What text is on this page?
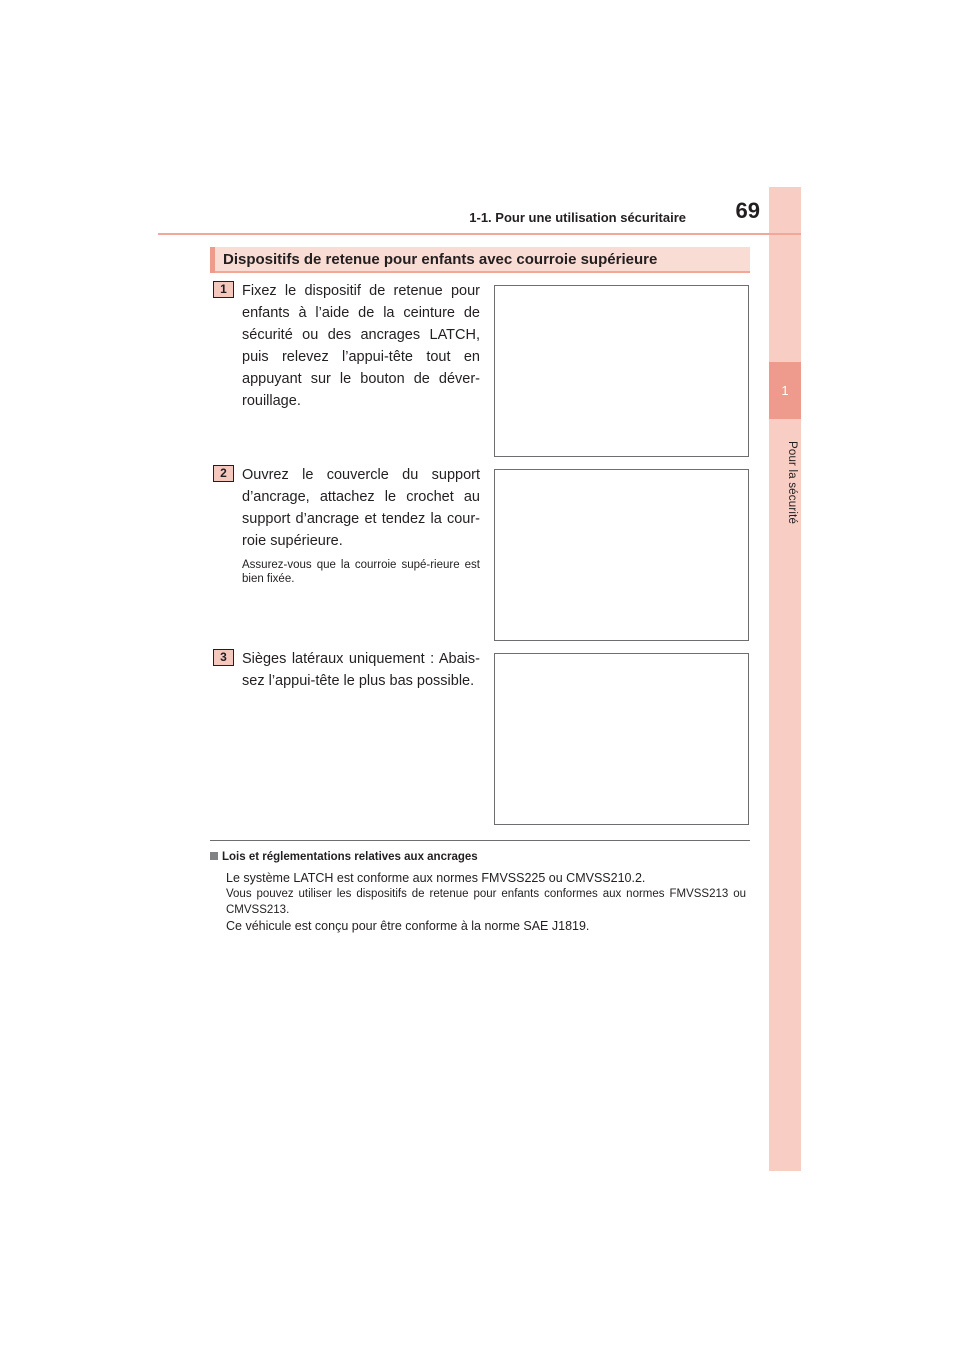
1
Pour la sécurité
1-1. Pour une utilisation sécuritaire	69
Dispositifs de retenue pour enfants avec courroie supérieure
1	Fixez le dispositif de retenue pour enfants à l’aide de la ceinture de sécurité ou des ancrages LATCH, puis relevez l’appui-tête tout en appuyant sur le bouton de déver-rouillage.
2	Ouvrez le couvercle du support d’ancrage, attachez le crochet au support d’ancrage et tendez la cour-roie supérieure.
Assurez-vous que la courroie supé-rieure est bien fixée.
3	Sièges latéraux uniquement : Abais-sez l’appui-tête le plus bas possible.
Lois et réglementations relatives aux ancrages

Le système LATCH est conforme aux normes FMVSS225 ou CMVSS210.2.

Vous pouvez utiliser les dispositifs de retenue pour enfants conformes aux normes FMVSS213 ou CMVSS213.

Ce véhicule est conçu pour être conforme à la norme SAE J1819.
